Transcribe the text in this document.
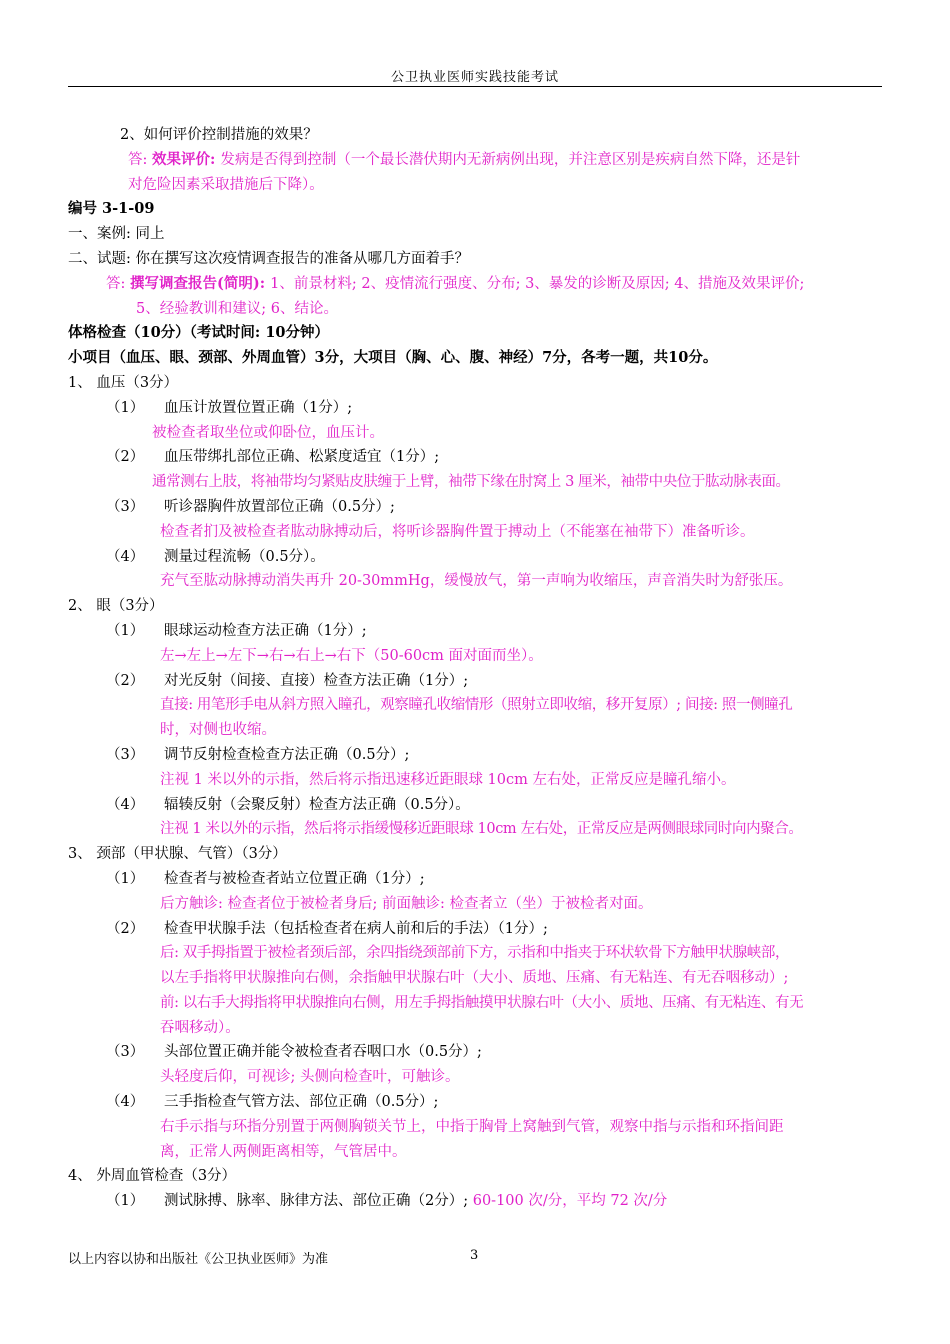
公卫执业医师实践技能考试
2、如何评价控制措施的效果？
答: 效果评价: 发病是否得到控制（一个最长潜伏期内无新病例出现，并注意区别是疾病自然下降，还是针
对危险因素采取措施后下降）。
编号 3-1-09
一、案例: 同上
二、试题: 你在撰写这次疫情调查报告的准备从哪几方面着手？
答: 撰写调查报告(简明): 1、前景材料; 2、疫情流行强度、分布; 3、暴发的诊断及原因; 4、措施及效果评价;
5、经验教训和建议; 6、结论。
体格检查（10分）（考试时间: 10分钟）
小项目（血压、眼、颈部、外周血管）3分，大项目（胸、心、腹、神经）7分，各考一题，共10分。
1、 血压（3分）
（1） 血压计放置位置正确（1分）;
被检查者取坐位或仰卧位，血压计。
（2） 血压带绑扎部位正确、松紧度适宜（1分）;
通常测右上肢，将袖带均匀紧贴皮肤缠于上臂，袖带下缘在肘窝上 3 厘米，袖带中央位于肱动脉表面。
（3） 听诊器胸件放置部位正确（0.5分）;
检查者扪及被检查者肱动脉搏动后，将听诊器胸件置于搏动上（不能塞在袖带下）准备听诊。
（4） 测量过程流畅（0.5分）。
充气至肱动脉搏动消失再升 20-30mmHg，缓慢放气，第一声响为收缩压，声音消失时为舒张压。
2、 眼（3分）
（1） 眼球运动检查方法正确（1分）;
左→左上→左下→右→右上→右下（50-60cm 面对面而坐）。
（2） 对光反射（间接、直接）检查方法正确（1分）;
直接: 用笔形手电从斜方照入瞳孔，观察瞳孔收缩情形（照射立即收缩，移开复原）; 间接: 照一侧瞳孔
时，对侧也收缩。
（3） 调节反射检查检查方法正确（0.5分）;
注视 1 米以外的示指，然后将示指迅速移近距眼球 10cm 左右处，正常反应是瞳孔缩小。
（4） 辐辏反射（会聚反射）检查方法正确（0.5分）。
注视 1 米以外的示指，然后将示指缓慢移近距眼球 10cm 左右处，正常反应是两侧眼球同时向内聚合。
3、 颈部（甲状腺、气管）（3分）
（1） 检查者与被检查者站立位置正确（1分）;
后方触诊: 检查者位于被检者身后; 前面触诊: 检查者立（坐）于被检者对面。
（2） 检查甲状腺手法（包括检查者在病人前和后的手法）（1分）;
后: 双手拇指置于被检者颈后部，余四指绕颈部前下方，示指和中指夹于环状软骨下方触甲状腺峡部，
以左手指将甲状腺推向右侧，余指触甲状腺右叶（大小、质地、压痛、有无粘连、有无吞咽移动）;
前: 以右手大拇指将甲状腺推向右侧，用左手拇指触摸甲状腺右叶（大小、质地、压痛、有无粘连、有无
吞咽移动）。
（3） 头部位置正确并能令被检查者吞咽口水（0.5分）;
头轻度后仰，可视诊; 头侧向检查叶，可触诊。
（4） 三手指检查气管方法、部位正确（0.5分）;
右手示指与环指分别置于两侧胸锁关节上，中指于胸骨上窝触到气管，观察中指与示指和环指间距
离，正常人两侧距离相等，气管居中。
4、 外周血管检查（3分）
（1） 测试脉搏、脉率、脉律方法、部位正确（2分）; 60-100 次/分，平均 72 次/分
以上内容以协和出版社《公卫执业医师》为准	3
